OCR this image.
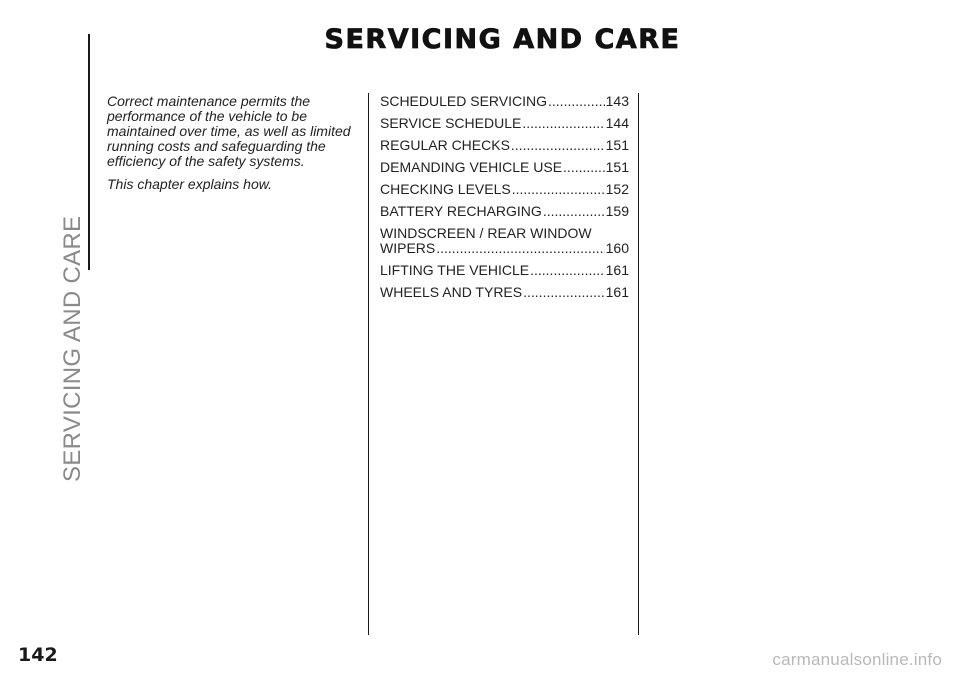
SERVICING AND CARE
SERVICING AND CARE

Correct maintenance permits the performance of the vehicle to be maintained over time, as well as limited running costs and safeguarding the efficiency of the safety systems.

This chapter explains how.

SCHEDULED SERVICING .....	143
SERVICE SCHEDULE .....	144
REGULAR CHECKS .....	151
DEMANDING VEHICLE USE .....	151
CHECKING LEVELS .....	152
BATTERY RECHARGING .....	159
WINDSCREEN / REAR WINDOW
WIPERS .....	160
LIFTING THE VEHICLE .....	161
WHEELS AND TYRES .....	161
142	carmanualsonline.info
